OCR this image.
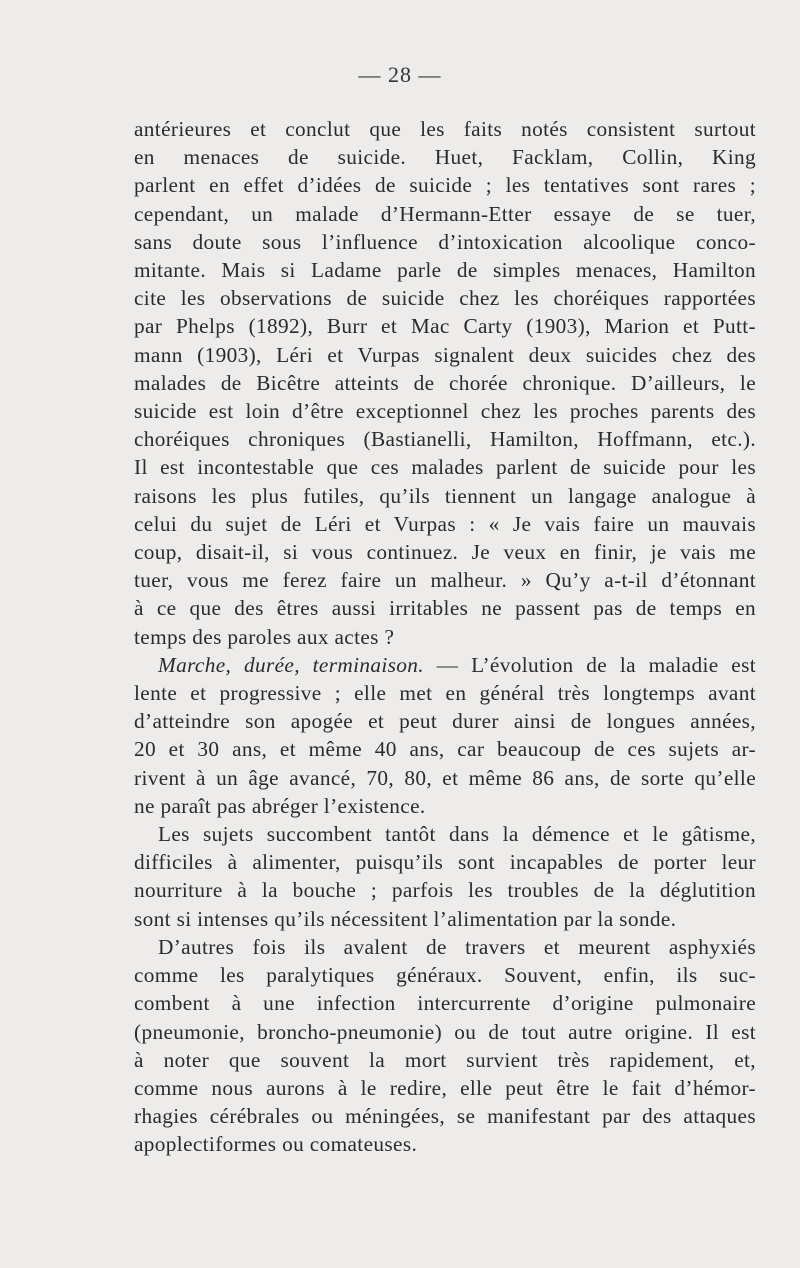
— 28 —

antérieures et conclut que les faits notés consistent surtout
en menaces de suicide. Huet, Facklam, Collin, King
parlent en effet d’idées de suicide ; les tentatives sont rares ;
cependant, un malade d’Hermann-Etter essaye de se tuer,
sans doute sous l’influence d’intoxication alcoolique conco-
mitante. Mais si Ladame parle de simples menaces, Hamilton
cite les observations de suicide chez les choréiques rapportées
par Phelps (1892), Burr et Mac Carty (1903), Marion et Putt-
mann (1903), Léri et Vurpas signalent deux suicides chez des
malades de Bicêtre atteints de chorée chronique. D’ailleurs, le
suicide est loin d’être exceptionnel chez les proches parents des
choréiques chroniques (Bastianelli, Hamilton, Hoffmann, etc.).
Il est incontestable que ces malades parlent de suicide pour les
raisons les plus futiles, qu’ils tiennent un langage analogue à
celui du sujet de Léri et Vurpas : « Je vais faire un mauvais
coup, disait-il, si vous continuez. Je veux en finir, je vais me
tuer, vous me ferez faire un malheur. » Qu’y a-t-il d’étonnant
à ce que des êtres aussi irritables ne passent pas de temps en
temps des paroles aux actes ?

Marche, durée, terminaison. — L’évolution de la maladie est
lente et progressive ; elle met en général très longtemps avant
d’atteindre son apogée et peut durer ainsi de longues années,
20 et 30 ans, et même 40 ans, car beaucoup de ces sujets ar-
rivent à un âge avancé, 70, 80, et même 86 ans, de sorte qu’elle
ne paraît pas abréger l’existence.

Les sujets succombent tantôt dans la démence et le gâtisme,
difficiles à alimenter, puisqu’ils sont incapables de porter leur
nourriture à la bouche ; parfois les troubles de la déglutition
sont si intenses qu’ils nécessitent l’alimentation par la sonde.

D’autres fois ils avalent de travers et meurent asphyxiés
comme les paralytiques généraux. Souvent, enfin, ils suc-
combent à une infection intercurrente d’origine pulmonaire
(pneumonie, broncho-pneumonie) ou de tout autre origine. Il est
à noter que souvent la mort survient très rapidement, et,
comme nous aurons à le redire, elle peut être le fait d’hémor-
rhagies cérébrales ou méningées, se manifestant par des attaques
apoplectiformes ou comateuses.
